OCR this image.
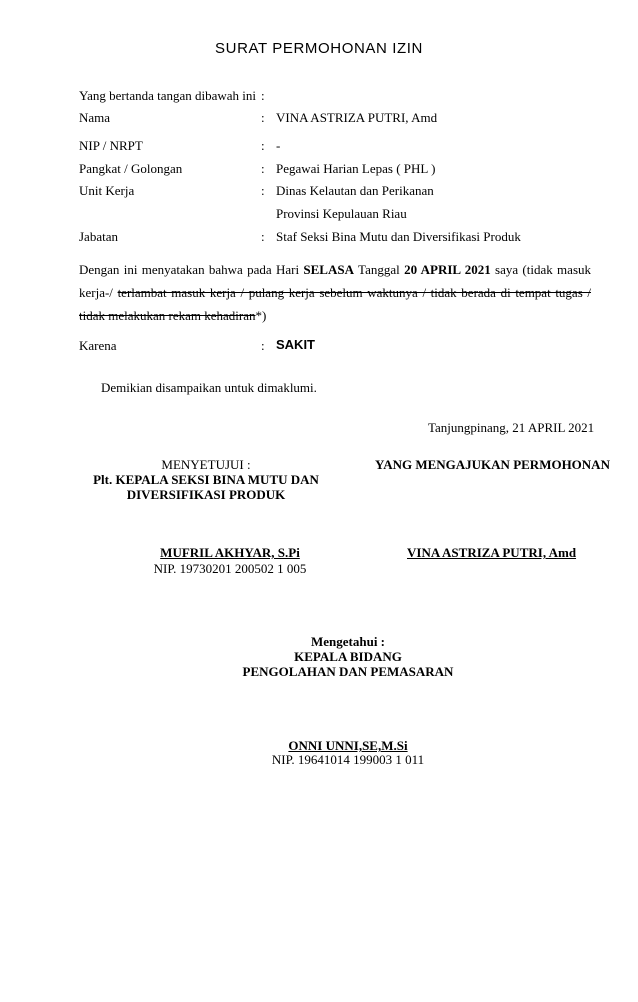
SURAT PERMOHONAN IZIN
Yang bertanda tangan dibawah ini :
Nama	: VINA ASTRIZA PUTRI, Amd
NIP / NRPT	: -
Pangkat / Golongan	: Pegawai Harian Lepas ( PHL )
Unit Kerja	: Dinas Kelautan dan Perikanan
Provinsi Kepulauan Riau
Jabatan	: Staf Seksi Bina Mutu dan Diversifikasi Produk
Dengan ini menyatakan bahwa pada Hari SELASA Tanggal 20 APRIL 2021 saya (tidak masuk kerja-/ terlambat masuk kerja / pulang kerja sebelum waktunya / tidak berada di tempat tugas / tidak melakukan rekam kehadiran*)
Karena	: SAKIT
Demikian disampaikan untuk dimaklumi.
Tanjungpinang, 21 APRIL 2021
MENYETUJUI :
Plt. KEPALA SEKSI BINA MUTU DAN
DIVERSIFIKASI PRODUK
YANG MENGAJUKAN PERMOHONAN
MUFRIL AKHYAR, S.Pi
NIP. 19730201 200502 1 005
VINA ASTRIZA PUTRI, Amd
Mengetahui :
KEPALA BIDANG
PENGOLAHAN DAN PEMASARAN
ONNI UNNI,SE,M.Si
NIP. 19641014 199003 1 011
